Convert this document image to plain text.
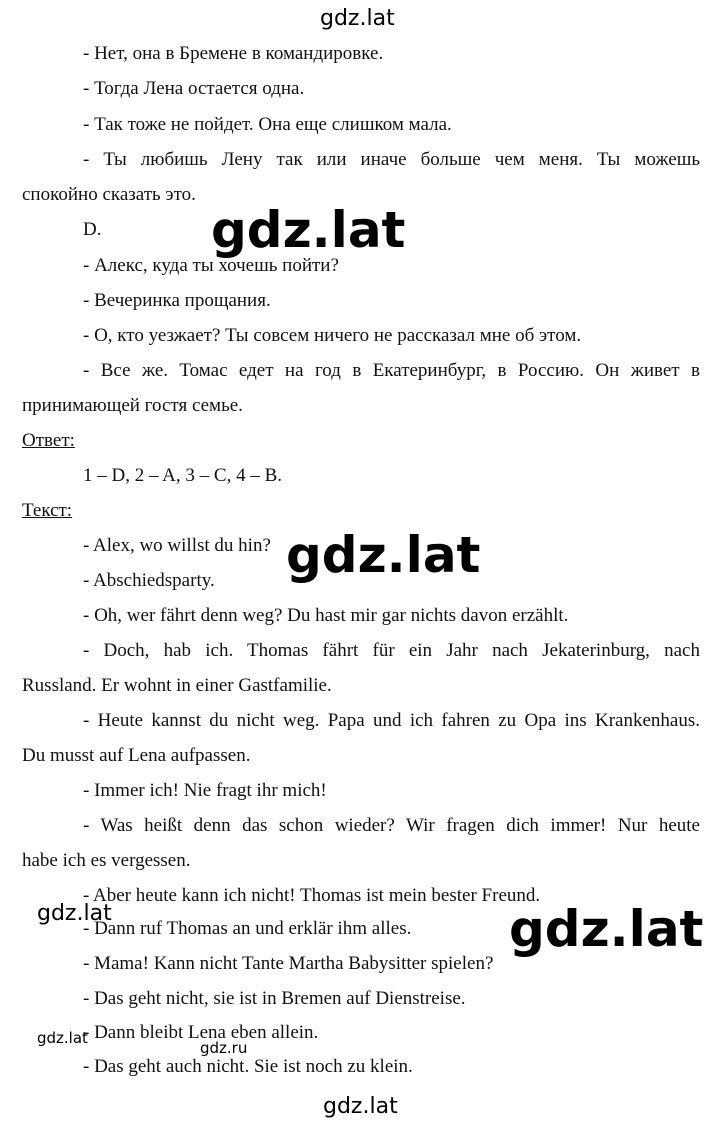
gdz.lat
- Нет, она в Бремене в командировке.
- Тогда Лена остается одна.
- Так тоже не пойдет. Она еще слишком мала.
- Ты любишь Лену так или иначе больше чем меня. Ты можешь
спокойно сказать это.
D.
- Алекс, куда ты хочешь пойти?
- Вечеринка прощания.
- О, кто уезжает? Ты совсем ничего не рассказал мне об этом.
- Все же. Томас едет на год в Екатеринбург, в Россию. Он живет в
принимающей гостя семье.
Ответ:
1 – D, 2 – A, 3 – C, 4 – B.
Текст:
- Alex, wo willst du hin?
- Abschiedsparty.
- Oh, wer fährt denn weg? Du hast mir gar nichts davon erzählt.
- Doch, hab ich. Thomas fährt für ein Jahr nach Jekaterinburg, nach
Russland. Er wohnt in einer Gastfamilie.
- Heute kannst du nicht weg. Papa und ich fahren zu Opa ins Krankenhaus.
Du musst auf Lena aufpassen.
- Immer ich! Nie fragt ihr mich!
- Was heißt denn das schon wieder? Wir fragen dich immer! Nur heute
habe ich es vergessen.
- Aber heute kann ich nicht! Thomas ist mein bester Freund.
- Dann ruf Thomas an und erklär ihm alles.
- Mama! Kann nicht Tante Martha Babysitter spielen?
- Das geht nicht, sie ist in Bremen auf Dienstreise.
- Dann bleibt Lena eben allein.
- Das geht auch nicht. Sie ist noch zu klein.
gdz.lat
gdz.lat
gdz.lat
gdz.lat
gdz.lat
gdz.ru
gdz.lat
